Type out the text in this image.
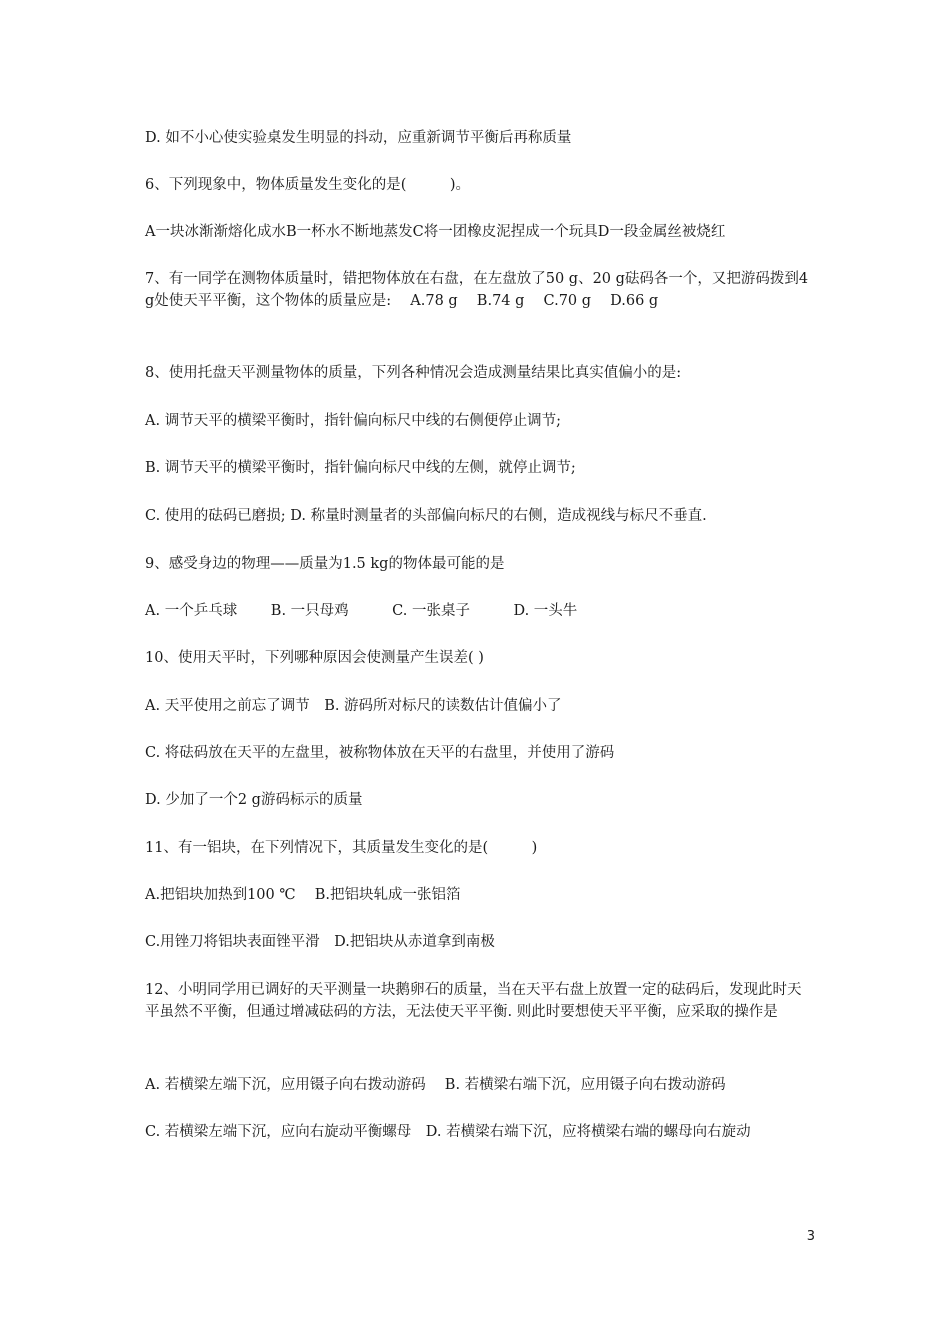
D. 如不小心使实验桌发生明显的抖动，应重新调节平衡后再称质量
6、下列现象中，物体质量发生变化的是(　　　)。
A一块冰渐渐熔化成水B一杯水不断地蒸发C将一团橡皮泥捏成一个玩具D一段金属丝被烧红
7、有一同学在测物体质量时，错把物体放在右盘，在左盘放了50 g、20 g砝码各一个，又把游码拨到4　g处使天平平衡，这个物体的质量应是:　 A.78 g　 B.74 g　 C.70 g　 D.66 g
8、使用托盘天平测量物体的质量，下列各种情况会造成测量结果比真实值偏小的是:
A. 调节天平的横梁平衡时，指针偏向标尺中线的右侧便停止调节;
B. 调节天平的横梁平衡时，指针偏向标尺中线的左侧，就停止调节;
C. 使用的砝码已磨损; D. 称量时测量者的头部偏向标尺的右侧，造成视线与标尺不垂直.
9、感受身边的物理——质量为1.5 kg的物体最可能的是
A. 一个乒乓球　　 B. 一只母鸡　　　C. 一张桌子　　　D. 一头牛
10、使用天平时，下列哪种原因会使测量产生误差( )
A. 天平使用之前忘了调节　B. 游码所对标尺的读数估计值偏小了
C. 将砝码放在天平的左盘里，被称物体放在天平的右盘里，并使用了游码
D. 少加了一个2 g游码标示的质量
11、有一铝块，在下列情况下，其质量发生变化的是(　　　)
A.把铝块加热到100 ℃　 B.把铝块轧成一张铝箔
C.用锉刀将铝块表面锉平滑　D.把铝块从赤道拿到南极
12、小明同学用已调好的天平测量一块鹅卵石的质量，当在天平右盘上放置一定的砝码后，发现此时天平虽然不平衡，但通过增减砝码的方法，无法使天平平衡. 则此时要想使天平平衡，应采取的操作是
A. 若横梁左端下沉，应用镊子向右拨动游码　 B. 若横梁右端下沉，应用镊子向右拨动游码
C. 若横梁左端下沉，应向右旋动平衡螺母　D. 若横梁右端下沉，应将横梁右端的螺母向右旋动
3
